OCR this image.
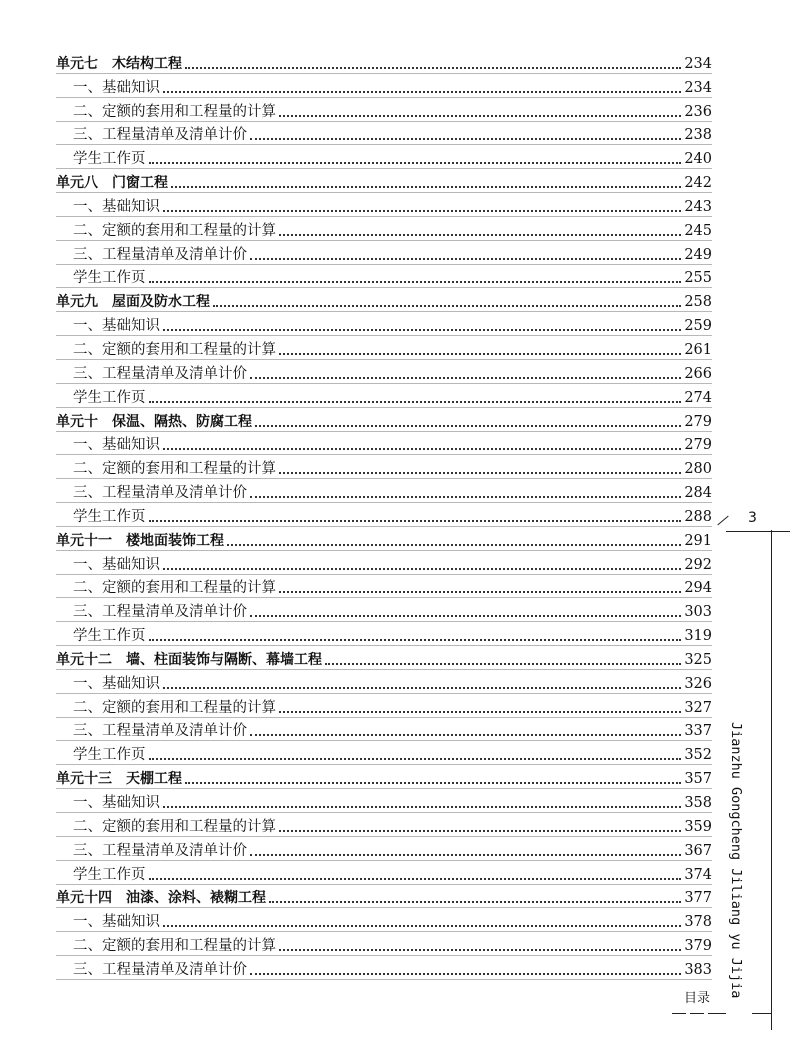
单元七　木结构工程	234
一、基础知识	234
二、定额的套用和工程量的计算	236
三、工程量清单及清单计价	238
学生工作页	240
单元八　门窗工程	242
一、基础知识	243
二、定额的套用和工程量的计算	245
三、工程量清单及清单计价	249
学生工作页	255
单元九　屋面及防水工程	258
一、基础知识	259
二、定额的套用和工程量的计算	261
三、工程量清单及清单计价	266
学生工作页	274
单元十　保温、隔热、防腐工程	279
一、基础知识	279
二、定额的套用和工程量的计算	280
三、工程量清单及清单计价	284
学生工作页	288
单元十一　楼地面装饰工程	291
一、基础知识	292
二、定额的套用和工程量的计算	294
三、工程量清单及清单计价	303
学生工作页	319
单元十二　墙、柱面装饰与隔断、幕墙工程	325
一、基础知识	326
二、定额的套用和工程量的计算	327
三、工程量清单及清单计价	337
学生工作页	352
单元十三　天棚工程	357
一、基础知识	358
二、定额的套用和工程量的计算	359
三、工程量清单及清单计价	367
学生工作页	374
单元十四　油漆、涂料、裱糊工程	377
一、基础知识	378
二、定额的套用和工程量的计算	379
三、工程量清单及清单计价	383
3
Jianzhu Gongcheng Jiliang yu Jijia
目录
